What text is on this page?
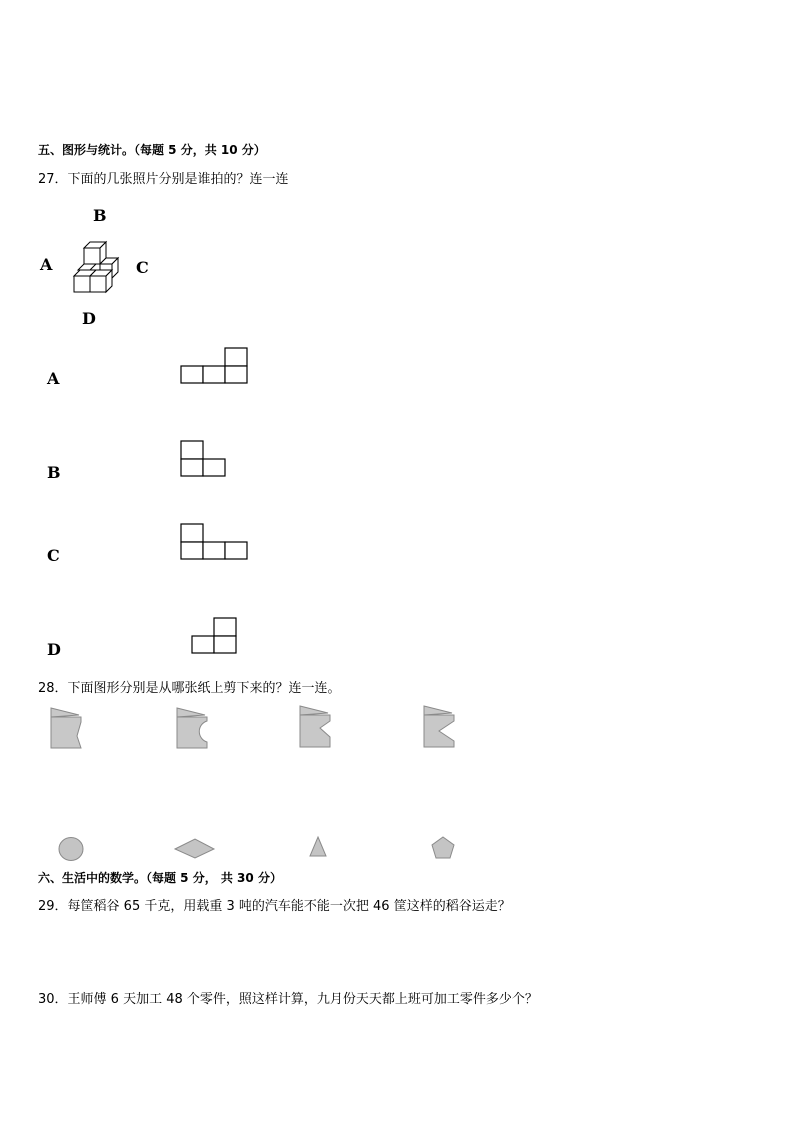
五、图形与统计。（每题 5 分，共 10 分）
27．下面的几张照片分别是谁拍的？连一连
B
A	C
D
A
B
C
D
28．下面图形分别是从哪张纸上剪下来的？连一连。
六、生活中的数学。（每题 5 分， 共 30 分）
29．每筐稻谷 65 千克，用载重 3 吨的汽车能不能一次把 46 筐这样的稻谷运走？
30．王师傅 6 天加工 48 个零件，照这样计算，九月份天天都上班可加工零件多少个？
